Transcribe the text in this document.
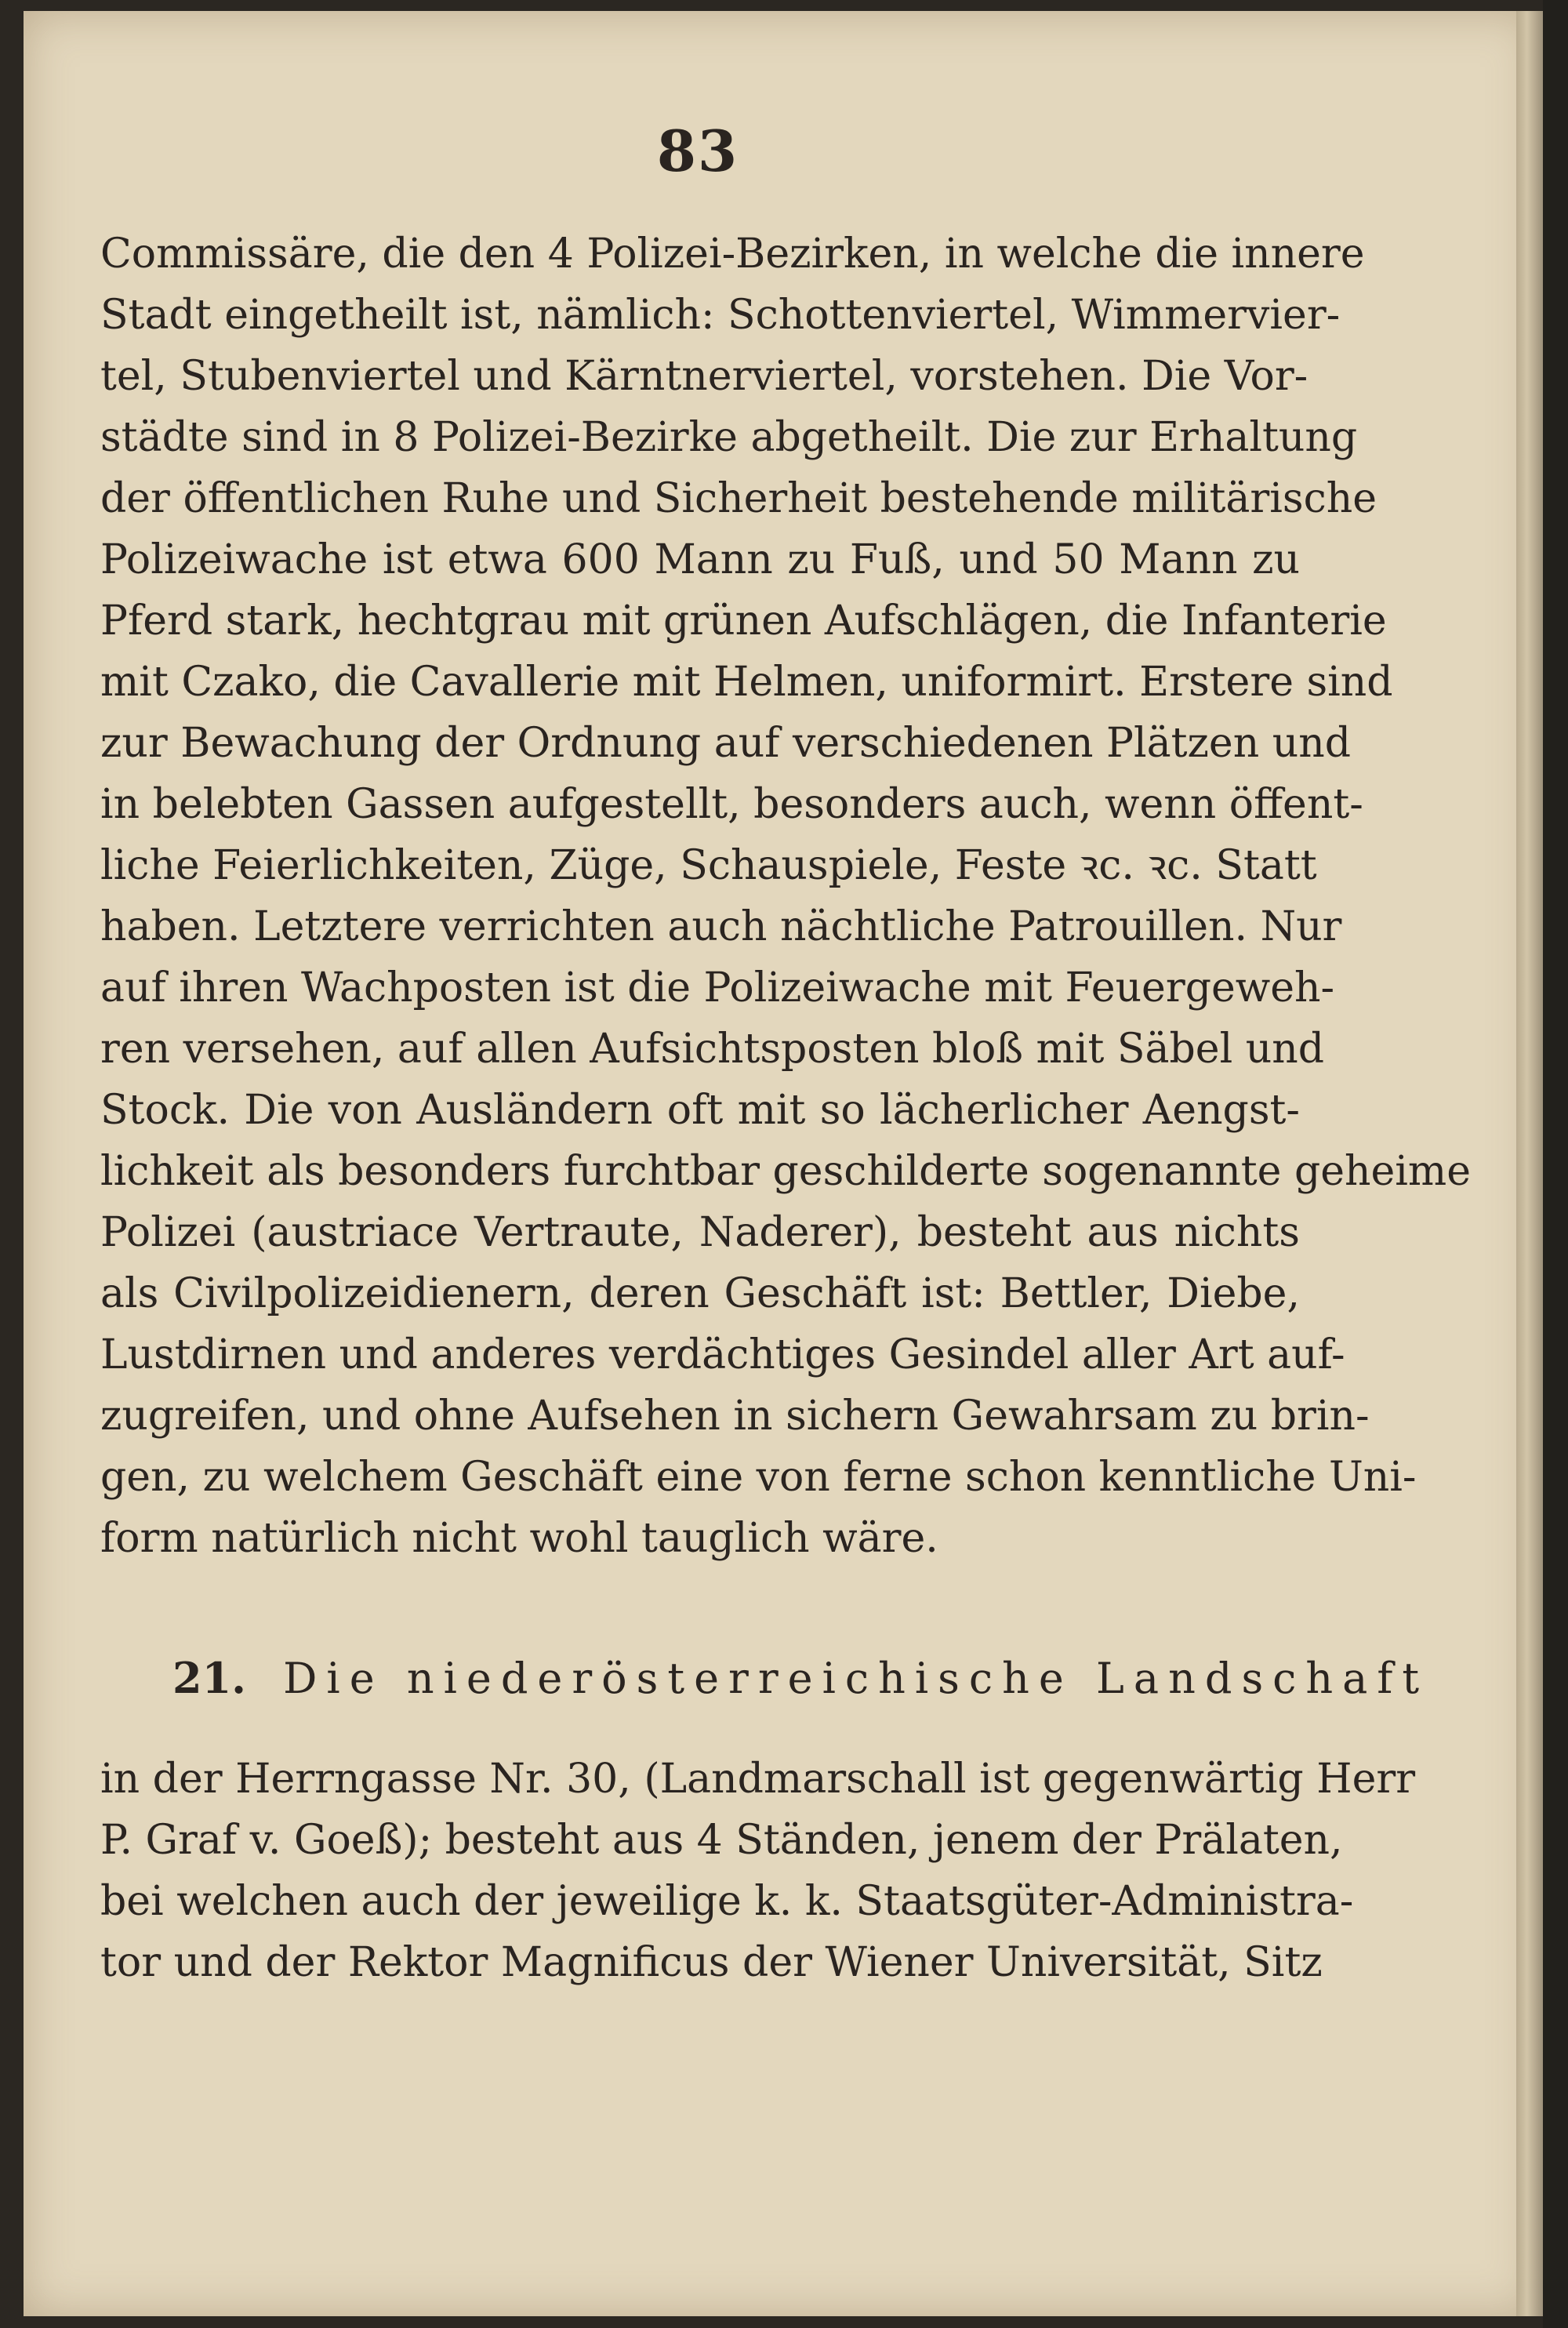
83
Commissäre, die den 4 Polizei-Bezirken, in welche die innere
Stadt eingetheilt ist, nämlich: Schottenviertel, Wimmervier-
tel, Stubenviertel und Kärntnerviertel, vorstehen. Die Vor-
städte sind in 8 Polizei-Bezirke abgetheilt. Die zur Erhaltung
der öffentlichen Ruhe und Sicherheit bestehende militärische
Polizeiwache ist etwa 600 Mann zu Fuß, und 50 Mann zu
Pferd stark, hechtgrau mit grünen Aufschlägen, die Infanterie
mit Czako, die Cavallerie mit Helmen, uniformirt. Erstere sind
zur Bewachung der Ordnung auf verschiedenen Plätzen und
in belebten Gassen aufgestellt, besonders auch, wenn öffent-
liche Feierlichkeiten, Züge, Schauspiele, Feste ꝛc. ꝛc. Statt
haben. Letztere verrichten auch nächtliche Patrouillen. Nur
auf ihren Wachposten ist die Polizeiwache mit Feuergeweh-
ren versehen, auf allen Aufsichtsposten bloß mit Säbel und
Stock. Die von Ausländern oft mit so lächerlicher Aengst-
lichkeit als besonders furchtbar geschilderte sogenannte geheime
Polizei (austriace Vertraute, Naderer), besteht aus nichts
als Civilpolizeidienern, deren Geschäft ist: Bettler, Diebe,
Lustdirnen und anderes verdächtiges Gesindel aller Art auf-
zugreifen, und ohne Aufsehen in sichern Gewahrsam zu brin-
gen, zu welchem Geschäft eine von ferne schon kenntliche Uni-
form natürlich nicht wohl tauglich wäre.
21. Die niederösterreichische Landschaft
in der Herrngasse Nr. 30, (Landmarschall ist gegenwärtig Herr
P. Graf v. Goeß); besteht aus 4 Ständen, jenem der Prälaten,
bei welchen auch der jeweilige k. k. Staatsgüter-Administra-
tor und der Rektor Magnificus der Wiener Universität, Sitz
